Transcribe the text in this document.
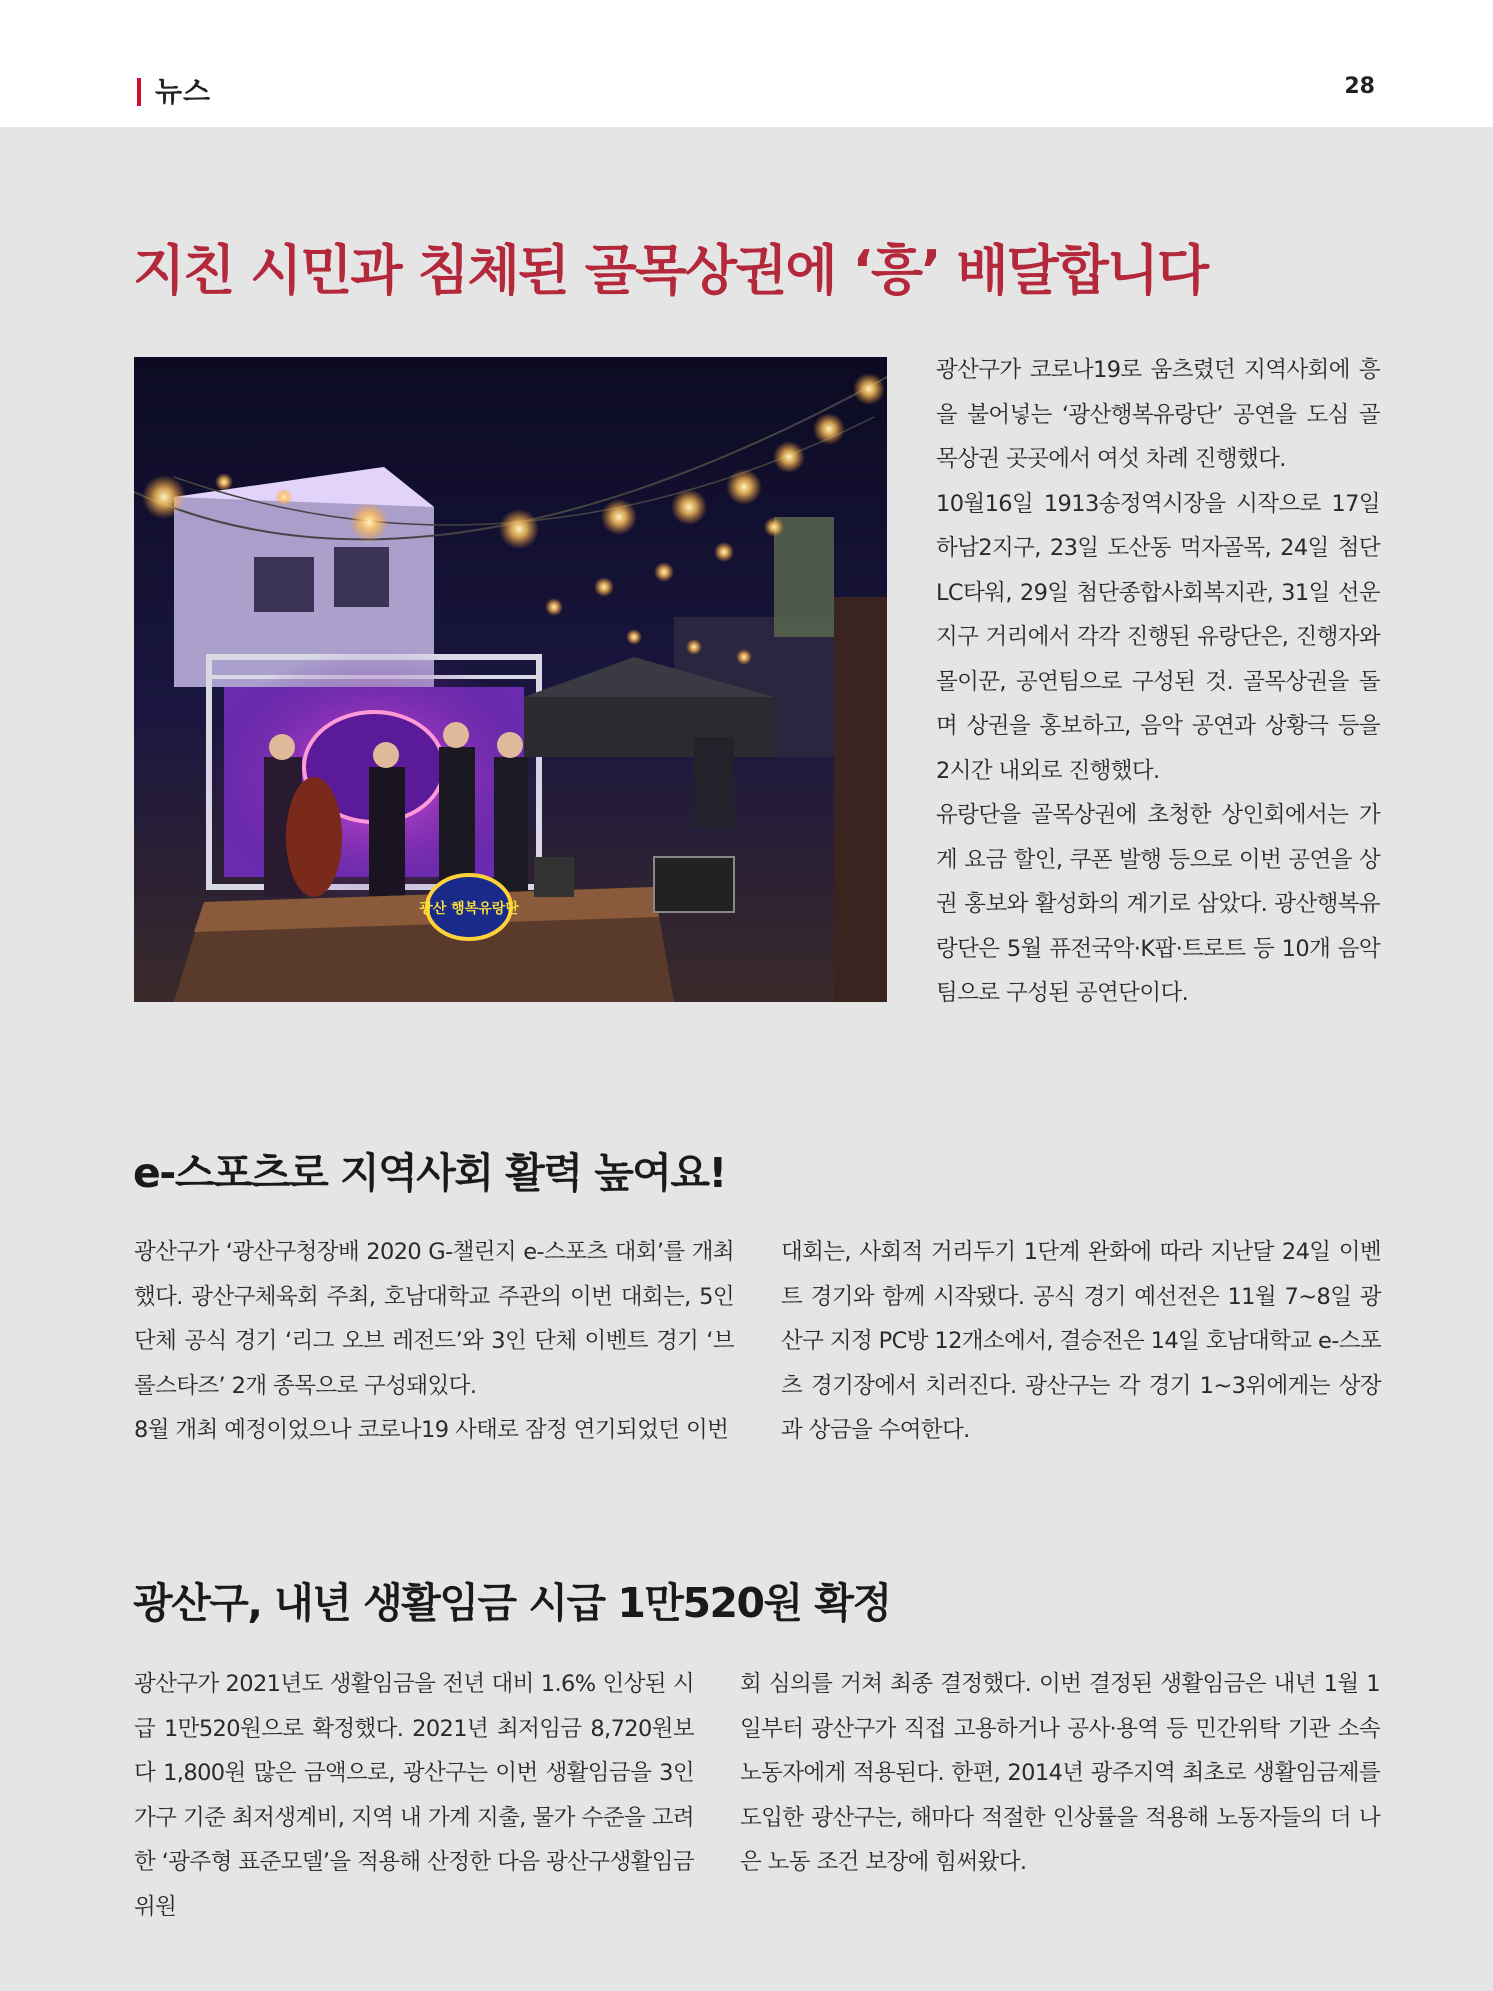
뉴스	28
지친 시민과 침체된 골목상권에 ‘흥’ 배달합니다
광산 행복유랑단

광산구가 코로나19로 움츠렸던 지역사회에 흥을 불어넣는 ‘광산행복유랑단’ 공연을 도심 골목상권 곳곳에서 여섯 차례 진행했다.

10월16일 1913송정역시장을 시작으로 17일 하남2지구, 23일 도산동 먹자골목, 24일 첨단LC타워, 29일 첨단종합사회복지관, 31일 선운지구 거리에서 각각 진행된 유랑단은, 진행자와 몰이꾼, 공연팀으로 구성된 것. 골목상권을 돌며 상권을 홍보하고, 음악 공연과 상황극 등을 2시간 내외로 진행했다.

유랑단을 골목상권에 초청한 상인회에서는 가게 요금 할인, 쿠폰 발행 등으로 이번 공연을 상권 홍보와 활성화의 계기로 삼았다. 광산행복유랑단은 5월 퓨전국악·K팝·트로트 등 10개 음악팀으로 구성된 공연단이다.

e-스포츠로 지역사회 활력 높여요!

광산구가 ‘광산구청장배 2020 G-챌린지 e-스포츠 대회’를 개최했다. 광산구체육회 주최, 호남대학교 주관의 이번 대회는, 5인 단체 공식 경기 ‘리그 오브 레전드’와 3인 단체 이벤트 경기 ‘브롤스타즈’ 2개 종목으로 구성돼있다.

8월 개최 예정이었으나 코로나19 사태로 잠정 연기되었던 이번

대회는, 사회적 거리두기 1단계 완화에 따라 지난달 24일 이벤트 경기와 함께 시작됐다. 공식 경기 예선전은 11월 7~8일 광산구 지정 PC방 12개소에서, 결승전은 14일 호남대학교 e-스포츠 경기장에서 치러진다. 광산구는 각 경기 1~3위에게는 상장과 상금을 수여한다.

광산구, 내년 생활임금 시급 1만520원 확정

광산구가 2021년도 생활임금을 전년 대비 1.6% 인상된 시급 1만520원으로 확정했다. 2021년 최저임금 8,720원보다 1,800원 많은 금액으로, 광산구는 이번 생활임금을 3인 가구 기준 최저생계비, 지역 내 가계 지출, 물가 수준을 고려한 ‘광주형 표준모델’을 적용해 산정한 다음 광산구생활임금위원

회 심의를 거쳐 최종 결정했다. 이번 결정된 생활임금은 내년 1월 1일부터 광산구가 직접 고용하거나 공사·용역 등 민간위탁 기관 소속 노동자에게 적용된다. 한편, 2014년 광주지역 최초로 생활임금제를 도입한 광산구는, 해마다 적절한 인상률을 적용해 노동자들의 더 나은 노동 조건 보장에 힘써왔다.
